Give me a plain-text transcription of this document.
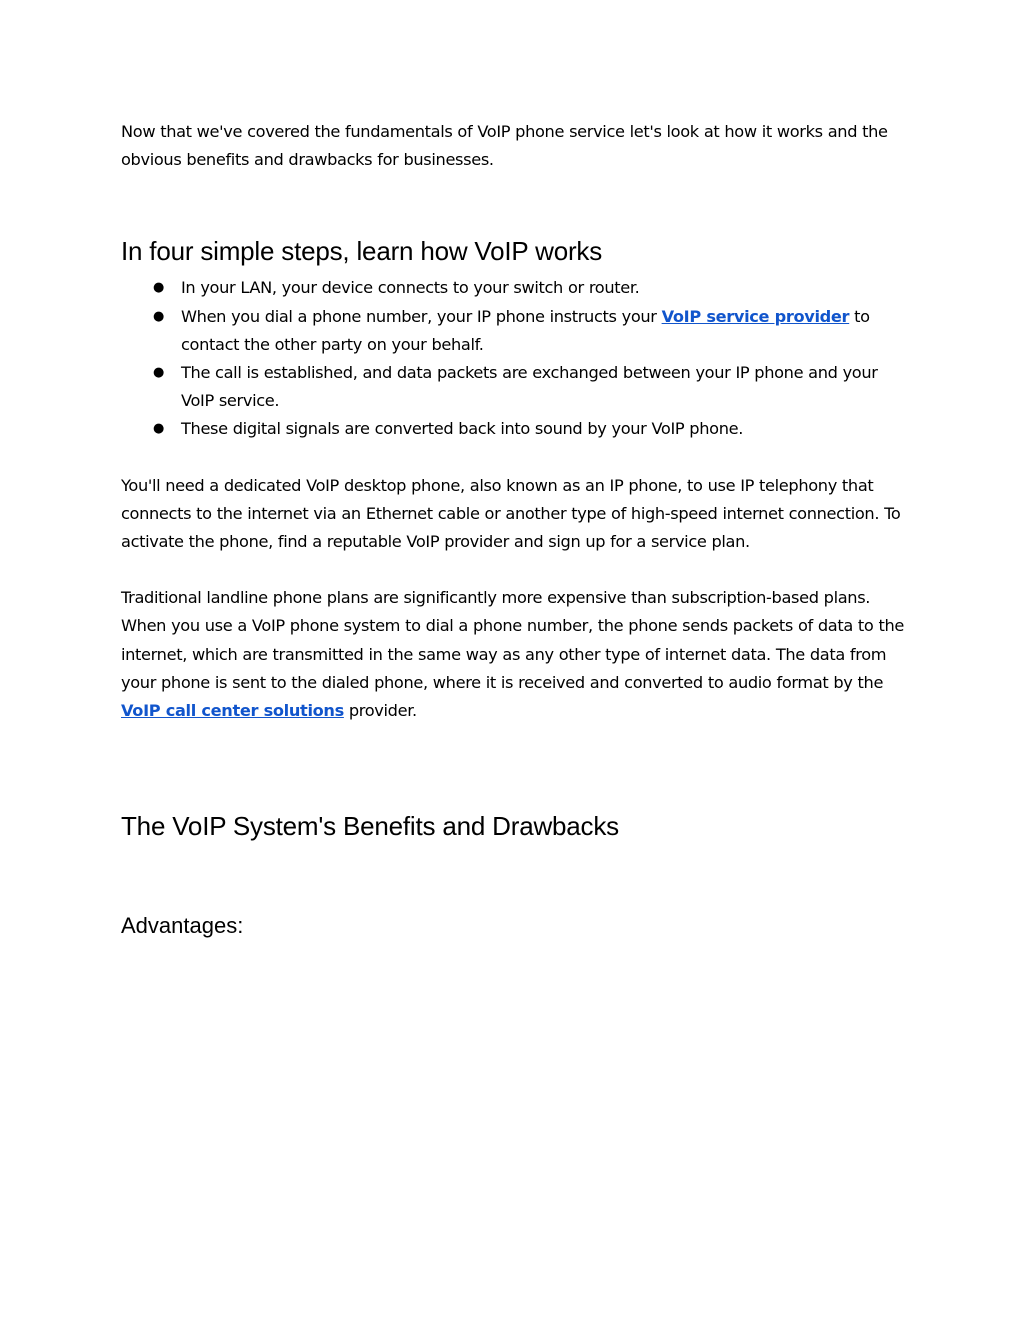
Now that we've covered the fundamentals of VoIP phone service let's look at how it works and the obvious benefits and drawbacks for businesses.

In four simple steps, learn how VoIP works
● In your LAN, your device connects to your switch or router.
● When you dial a phone number, your IP phone instructs your VoIP service provider to contact the other party on your behalf.
● The call is established, and data packets are exchanged between your IP phone and your VoIP service.
● These digital signals are converted back into sound by your VoIP phone.

You'll need a dedicated VoIP desktop phone, also known as an IP phone, to use IP telephony that connects to the internet via an Ethernet cable or another type of high-speed internet connection. To activate the phone, find a reputable VoIP provider and sign up for a service plan.

Traditional landline phone plans are significantly more expensive than subscription-based plans. When you use a VoIP phone system to dial a phone number, the phone sends packets of data to the internet, which are transmitted in the same way as any other type of internet data. The data from your phone is sent to the dialed phone, where it is received and converted to audio format by the VoIP call center solutions provider.

The VoIP System's Benefits and Drawbacks
Advantages:
